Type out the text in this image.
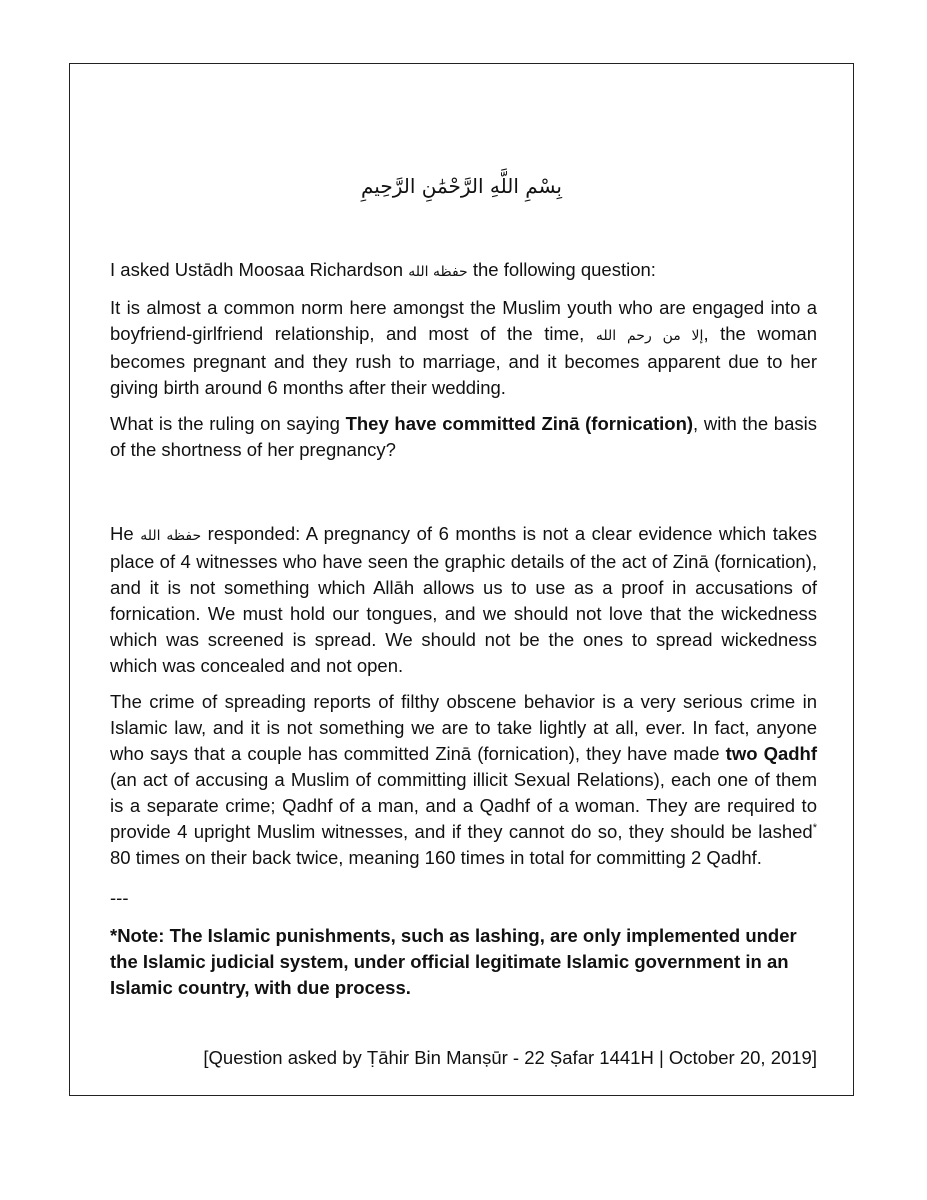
بِسْمِ اللَّهِ الرَّحْمَٰنِ الرَّحِيمِ

I asked Ustādh Moosaa Richardson حفظه الله the following question:

It is almost a common norm here amongst the Muslim youth who are engaged into a boyfriend-girlfriend relationship, and most of the time, إلا من رحم الله, the woman becomes pregnant and they rush to marriage, and it becomes apparent due to her giving birth around 6 months after their wedding.

What is the ruling on saying They have committed Zinā (fornication), with the basis of the shortness of her pregnancy?

He حفظه الله responded: A pregnancy of 6 months is not a clear evidence which takes place of 4 witnesses who have seen the graphic details of the act of Zinā (fornication), and it is not something which Allāh allows us to use as a proof in accusations of fornication. We must hold our tongues, and we should not love that the wickedness which was screened is spread. We should not be the ones to spread wickedness which was concealed and not open.

The crime of spreading reports of filthy obscene behavior is a very serious crime in Islamic law, and it is not something we are to take lightly at all, ever. In fact, anyone who says that a couple has committed Zinā (fornication), they have made two Qadhf (an act of accusing a Muslim of committing illicit Sexual Relations), each one of them is a separate crime; Qadhf of a man, and a Qadhf of a woman. They are required to provide 4 upright Muslim witnesses, and if they cannot do so, they should be lashed* 80 times on their back twice, meaning 160 times in total for committing 2 Qadhf.

---

*Note: The Islamic punishments, such as lashing, are only implemented under the Islamic judicial system, under official legitimate Islamic government in an Islamic country, with due process.

[Question asked by Ṭāhir Bin Manṣūr - 22 Ṣafar 1441H | October 20, 2019]
